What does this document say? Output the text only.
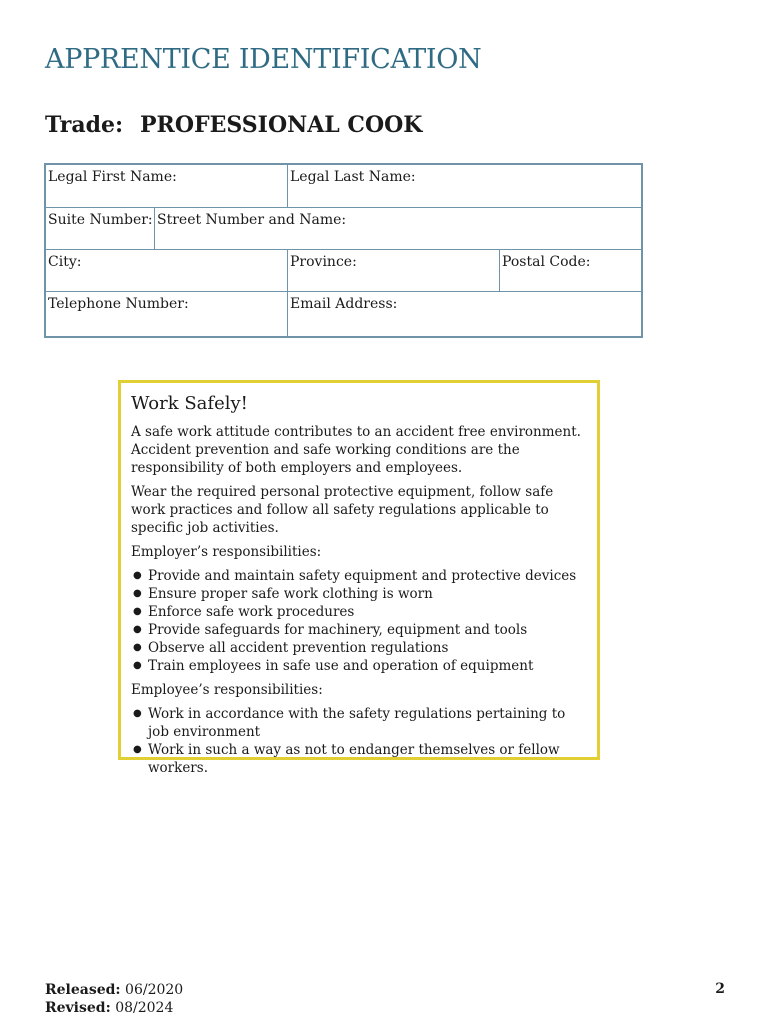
APPRENTICE IDENTIFICATION
Trade: PROFESSIONAL COOK
Legal First Name:	Legal Last Name:
Suite Number: Street Number and Name:
City:	Province:	Postal Code:
Telephone Number:	Email Address:
Work Safely!

A safe work attitude contributes to an accident free environment. Accident prevention and safe working conditions are the responsibility of both employers and employees.

Wear the required personal protective equipment, follow safe work practices and follow all safety regulations applicable to specific job activities.

Employer’s responsibilities:

● Provide and maintain safety equipment and protective devices
● Ensure proper safe work clothing is worn
● Enforce safe work procedures
● Provide safeguards for machinery, equipment and tools
● Observe all accident prevention regulations
● Train employees in safe use and operation of equipment

Employee’s responsibilities:

● Work in accordance with the safety regulations pertaining to job environment
● Work in such a way as not to endanger themselves or fellow workers.
Released: 06/2020
Revised: 08/2024
2
